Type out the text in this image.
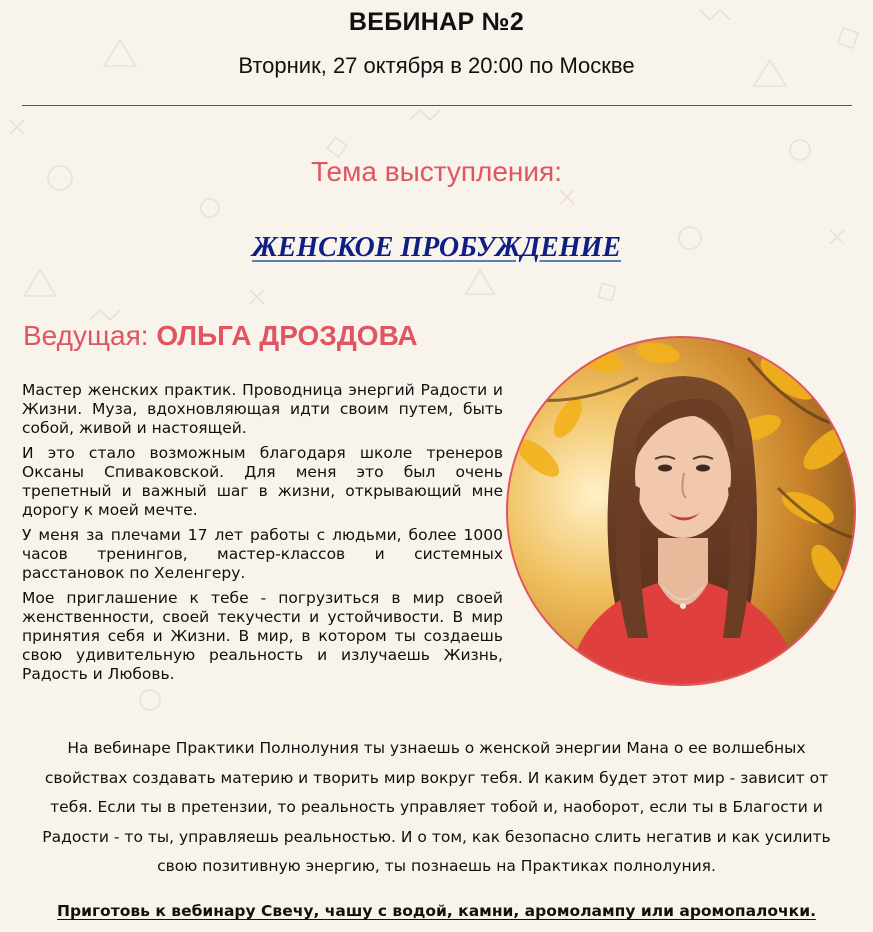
ВЕБИНАР №2
Вторник, 27 октября в 20:00 по Москве
Тема выступления:
ЖЕНСКОЕ ПРОБУЖДЕНИЕ
Ведущая: ОЛЬГА ДРОЗДОВА

Мастер женских практик. Проводница энергий Радости и Жизни. Муза, вдохновляющая идти своим путем, быть собой, живой и настоящей.

И это стало возможным благодаря школе тренеров Оксаны Спиваковской. Для меня это был очень трепетный и важный шаг в жизни, открывающий мне дорогу к моей мечте.

У меня за плечами 17 лет работы с людьми, более 1000 часов тренингов, мастер-классов и системных расстановок по Хеленгеру.

Мое приглашение к тебе - погрузиться в мир своей женственности, своей текучести и устойчивости. В мир принятия себя и Жизни. В мир, в котором ты создаешь свою удивительную реальность и излучаешь Жизнь, Радость и Любовь.

На вебинаре Практики Полнолуния ты узнаешь о женской энергии Мана о ее волшебных свойствах создавать материю и творить мир вокруг тебя. И каким будет этот мир - зависит от тебя. Если ты в претензии, то реальность управляет тобой и, наоборот, если ты в Благости и Радости - то ты, управляешь реальностью. И о том, как безопасно слить негатив и как усилить свою позитивную энергию, ты познаешь на Практиках полнолуния.

Приготовь к вебинару Свечу, чашу с водой, камни, аромолампу или аромопалочки.
